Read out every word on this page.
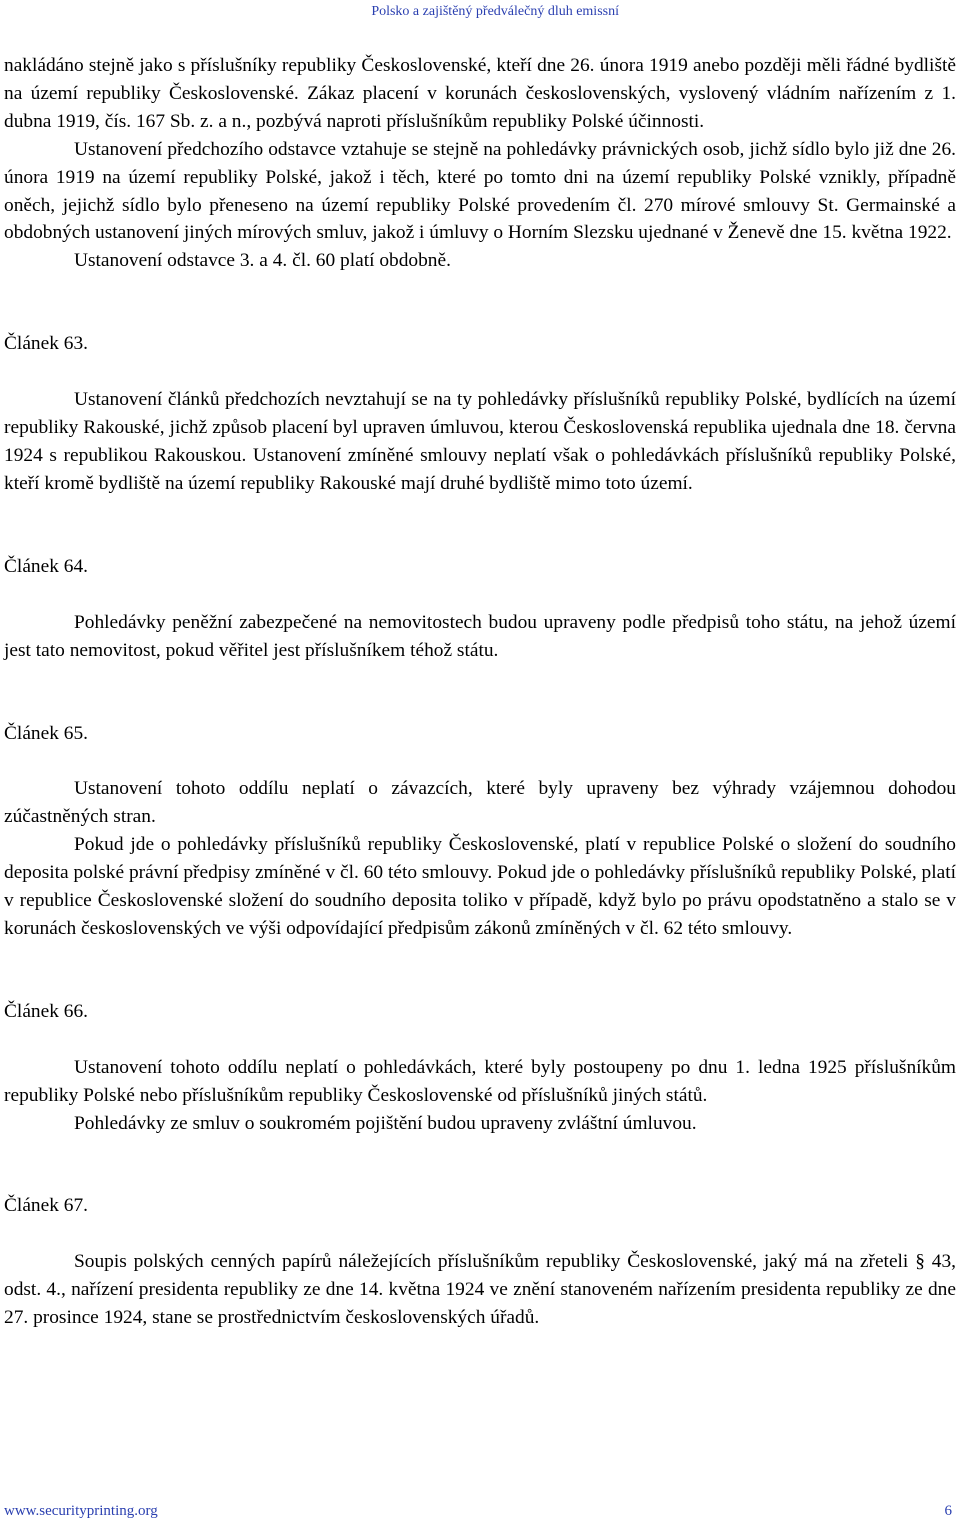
Polsko a zajištěný předválečný dluh emissní

nakládáno stejně jako s příslušníky republiky Československé, kteří dne 26. února 1919 anebo později měli řádné bydliště na území republiky Československé. Zákaz placení v korunách československých, vyslovený vládním nařízením z 1. dubna 1919, čís. 167 Sb. z. a n., pozbývá naproti příslušníkům republiky Polské účinnosti.

Ustanovení předchozího odstavce vztahuje se stejně na pohledávky právnických osob, jichž sídlo bylo již dne 26. února 1919 na území republiky Polské, jakož i těch, které po tomto dni na území republiky Polské vznikly, případně oněch, jejichž sídlo bylo přeneseno na území republiky Polské provedením čl. 270 mírové smlouvy St. Germainské a obdobných ustanovení jiných mírových smluv, jakož i úmluvy o Horním Slezsku ujednané v Ženevě dne 15. května 1922.

Ustanovení odstavce 3. a 4. čl. 60 platí obdobně.

Článek 63.

Ustanovení článků předchozích nevztahují se na ty pohledávky příslušníků republiky Polské, bydlících na území republiky Rakouské, jichž způsob placení byl upraven úmluvou, kterou Československá republika ujednala dne 18. června 1924 s republikou Rakouskou. Ustanovení zmíněné smlouvy neplatí však o pohledávkách příslušníků republiky Polské, kteří kromě bydliště na území republiky Rakouské mají druhé bydliště mimo toto území.

Článek 64.

Pohledávky peněžní zabezpečené na nemovitostech budou upraveny podle předpisů toho státu, na jehož území jest tato nemovitost, pokud věřitel jest příslušníkem téhož státu.

Článek 65.

Ustanovení tohoto oddílu neplatí o závazcích, které byly upraveny bez výhrady vzájemnou dohodou zúčastněných stran.

Pokud jde o pohledávky příslušníků republiky Československé, platí v republice Polské o složení do soudního deposita polské právní předpisy zmíněné v čl. 60 této smlouvy. Pokud jde o pohledávky příslušníků republiky Polské, platí v republice Československé složení do soudního deposita toliko v případě, když bylo po právu opodstatněno a stalo se v korunách československých ve výši odpovídající předpisům zákonů zmíněných v čl. 62 této smlouvy.

Článek 66.

Ustanovení tohoto oddílu neplatí o pohledávkách, které byly postoupeny po dnu 1. ledna 1925 příslušníkům republiky Polské nebo příslušníkům republiky Československé od příslušníků jiných států.

Pohledávky ze smluv o soukromém pojištění budou upraveny zvláštní úmluvou.

Článek 67.

Soupis polských cenných papírů náležejících příslušníkům republiky Československé, jaký má na zřeteli § 43, odst. 4., nařízení presidenta republiky ze dne 14. května 1924 ve znění stanoveném nařízením presidenta republiky ze dne 27. prosince 1924, stane se prostřednictvím československých úřadů.

www.securityprinting.org	6
